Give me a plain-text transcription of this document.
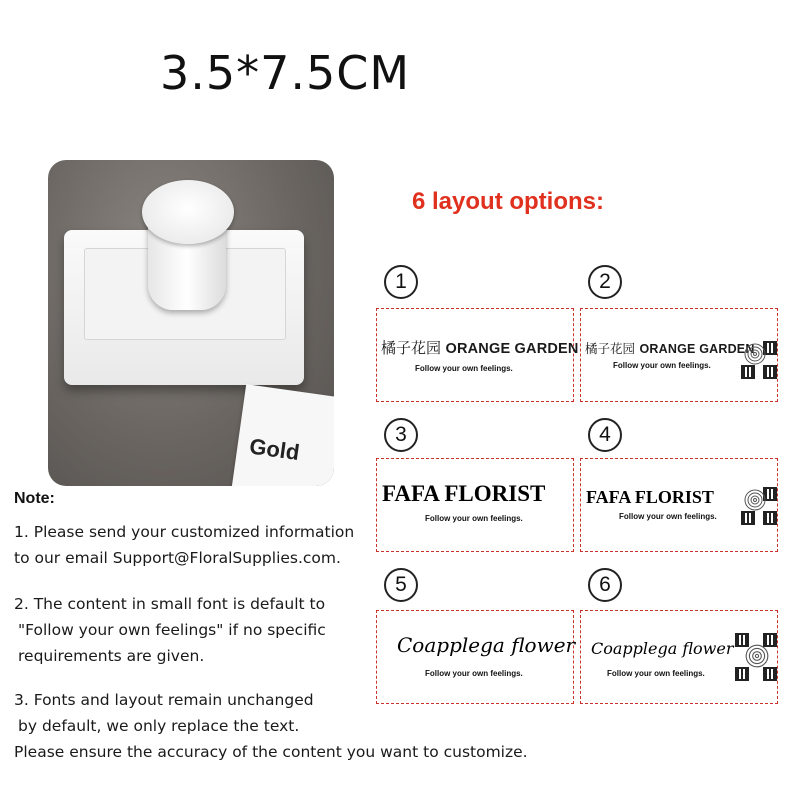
3.5*7.5CM
Gold
6 layout options:
1
橘子花园 ORANGE GARDEN
Follow your own feelings.
2
橘子花园 ORANGE GARDEN
Follow your own feelings.
3
FAFA FLORIST
Follow your own feelings.
4
FAFA FLORIST
Follow your own feelings.
5
Coapplega flower
Follow your own feelings.
6
Coapplega flower
Follow your own feelings.
Note:
1. Please send your customized information
to our email Support@FloralSupplies.com.
2. The content in small font is default to
"Follow your own feelings" if no specific
requirements are given.
3. Fonts and layout remain unchanged
by default, we only replace the text.
Please ensure the accuracy of the content you want to customize.
